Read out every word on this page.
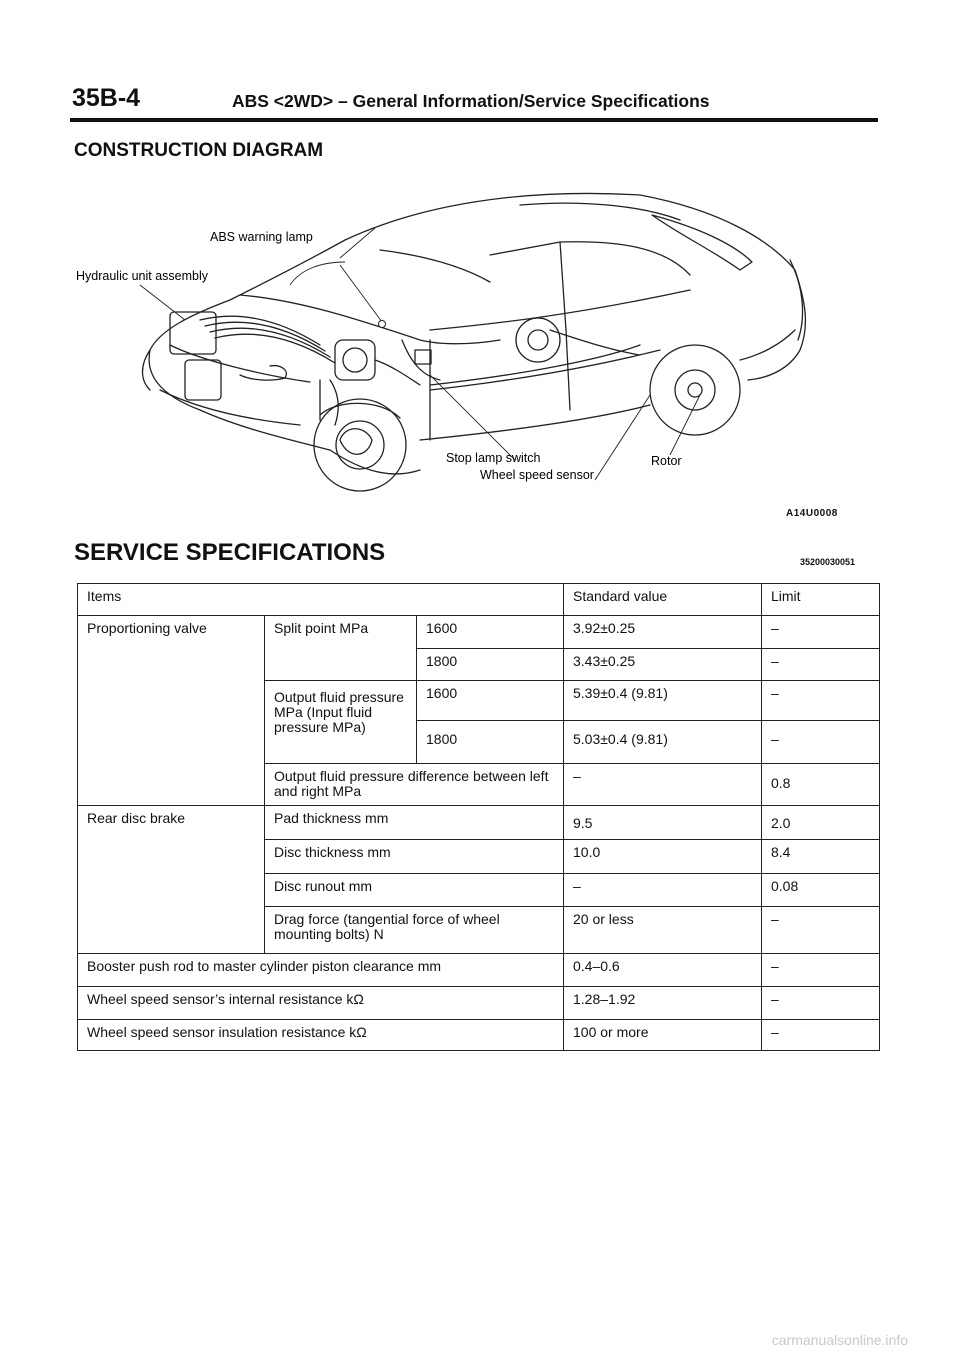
35B-4	ABS <2WD> – General Information/Service Specifications
CONSTRUCTION DIAGRAM
ABS warning lamp
Hydraulic unit assembly
Stop lamp switch
Wheel speed sensor
Rotor
A14U0008
SERVICE SPECIFICATIONS	35200030051
Items			Standard value	Limit
Proportioning valve	Split point MPa	1600	3.92±0.25	–
		1800	3.43±0.25	–
	Output fluid pressure MPa (Input fluid pressure MPa)	1600	5.39±0.4 (9.81)	–
		1800	5.03±0.4 (9.81)	–
	Output fluid pressure difference between left and right MPa		–	0.8
Rear disc brake	Pad thickness mm		9.5	2.0
	Disc thickness mm		10.0	8.4
	Disc runout mm		–	0.08
	Drag force (tangential force of wheel mounting bolts) N		20 or less	–
Booster push rod to master cylinder piston clearance mm			0.4–0.6	–
Wheel speed sensor’s internal resistance kΩ			1.28–1.92	–
Wheel speed sensor insulation resistance kΩ			100 or more	–
carmanualsonline.info
